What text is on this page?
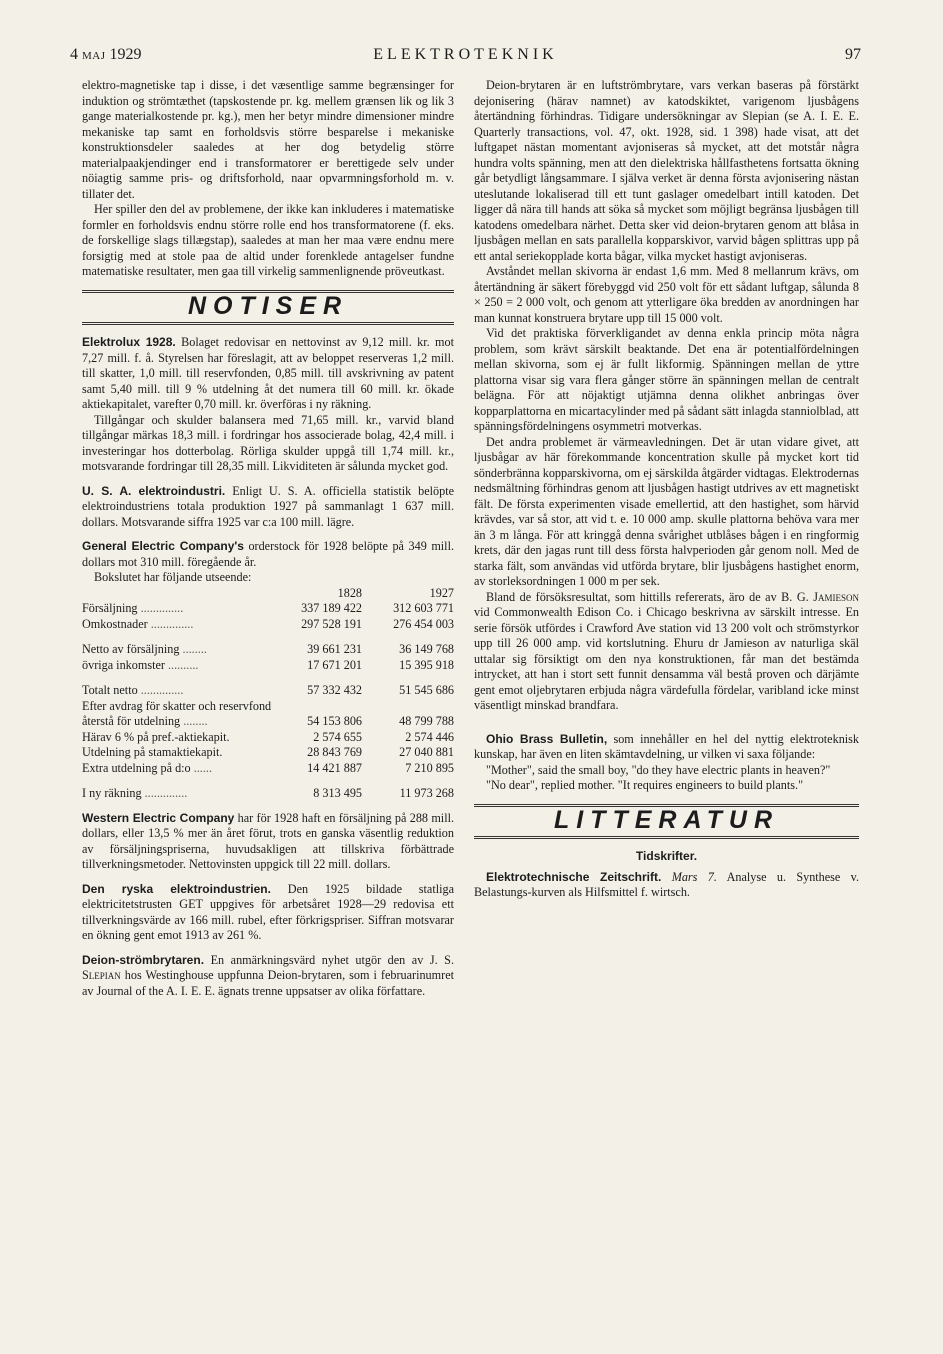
4 MAJ 1929	ELEKTROTEKNIK	97

elektro-magnetiske tap i disse, i det væsentlige samme begrænsinger for induktion og strömtæthet (tapskostende pr. kg. mellem grænsen lik og lik 3 gange materialkostende pr. kg.), men her betyr mindre dimensioner mindre mekaniske tap samt en forholdsvis större besparelse i mekaniske konstruktionsdeler saaledes at her dog betydelig större materialpaakjendinger end i transformatorer er berettigede selv under nöiagtig samme pris- og driftsforhold, naar opvarmningsforhold m. v. tillater det.

Her spiller den del av problemene, der ikke kan inkluderes i matematiske formler en forholdsvis endnu större rolle end hos transformatorene (f. eks. de forskellige slags tillægstap), saaledes at man her maa være endnu mere forsigtig med at stole paa de altid under forenklede antagelser fundne matematiske resultater, men gaa till virkelig sammenlignende pröveutkast.

NOTISER

Elektrolux 1928. Bolaget redovisar en nettovinst av 9,12 mill. kr. mot 7,27 mill. f. å. Styrelsen har föreslagit, att av beloppet reserveras 1,2 mill. till skatter, 1,0 mill. till reservfonden, 0,85 mill. till avskrivning av patent samt 5,40 mill. till 9 % utdelning åt det numera till 60 mill. kr. ökade aktiekapitalet, varefter 0,70 mill. kr. överföras i ny räkning.

Tillgångar och skulder balansera med 71,65 mill. kr., varvid bland tillgångar märkas 18,3 mill. i fordringar hos associerade bolag, 42,4 mill. i investeringar hos dotterbolag. Rörliga skulder uppgå till 1,74 mill. kr., motsvarande fordringar till 28,35 mill. Likviditeten är sålunda mycket god.

U. S. A. elektroindustri. Enligt U. S. A. officiella statistik belöpte elektroindustriens totala produktion 1927 på sammanlagt 1 637 mill. dollars. Motsvarande siffra 1925 var c:a 100 mill. lägre.

General Electric Company's orderstock för 1928 belöpte på 349 mill. dollars mot 310 mill. föregående år.

Bokslutet har följande utseende:

	1828	1927
Försäljning ..............	337 189 422	312 603 771
Omkostnader ..............	297 528 191	276 454 003

Netto av försäljning ........	39 661 231	36 149 768
övriga inkomster ..........	17 671 201	15 395 918

Totalt netto ..............	57 332 432	51 545 686
Efter avdrag för skatter och reservfond återstå för utdelning ........	54 153 806	48 799 788
Härav 6 % på pref.-aktiekapit.	2 574 655	2 574 446
Utdelning på stamaktiekapit.	28 843 769	27 040 881
Extra utdelning på d:o ......	14 421 887	7 210 895

I ny räkning ..............	8 313 495	11 973 268

Western Electric Company har för 1928 haft en försäljning på 288 mill. dollars, eller 13,5 % mer än året förut, trots en ganska väsentlig reduktion av försäljningspriserna, huvudsakligen att tillskriva förbättrade tillverkningsmetoder. Nettovinsten uppgick till 22 mill. dollars.

Den ryska elektroindustrien. Den 1925 bildade statliga elektricitetstrusten GET uppgives för arbetsåret 1928—29 redovisa ett tillverkningsvärde av 166 mill. rubel, efter förkrigspriser. Siffran motsvarar en ökning gent emot 1913 av 261 %.

Deion-strömbrytaren. En anmärkningsvärd nyhet utgör den av J. S. Slepian hos Westinghouse uppfunna Deion-brytaren, som i februarinumret av Journal of the A. I. E. E. ägnats trenne uppsatser av olika författare.

Deion-brytaren är en luftströmbrytare, vars verkan baseras på förstärkt dejonisering (härav namnet) av katodskiktet, varigenom ljusbågens återtändning förhindras. Tidigare undersökningar av Slepian (se A. I. E. E. Quarterly transactions, vol. 47, okt. 1928, sid. 1 398) hade visat, att det luftgapet nästan momentant avjoniseras så mycket, att det motstår några hundra volts spänning, men att den dielektriska hållfasthetens fortsatta ökning går betydligt långsammare. I själva verket är denna första avjonisering nästan uteslutande lokaliserad till ett tunt gaslager omedelbart intill katoden. Det ligger då nära till hands att söka så mycket som möjligt begränsa ljusbågen till katodens omedelbara närhet. Detta sker vid deion-brytaren genom att blåsa in ljusbågen mellan en sats parallella kopparskivor, varvid bågen splittras upp på ett antal seriekopplade korta bågar, vilka mycket hastigt avjoniseras.

Avståndet mellan skivorna är endast 1,6 mm. Med 8 mellanrum krävs, om återtändning är säkert förebyggd vid 250 volt för ett sådant luftgap, sålunda 8 × 250 = 2 000 volt, och genom att ytterligare öka bredden av anordningen har man kunnat konstruera brytare upp till 15 000 volt.

Vid det praktiska förverkligandet av denna enkla princip möta några problem, som krävt särskilt beaktande. Det ena är potentialfördelningen mellan skivorna, som ej är fullt likformig. Spänningen mellan de yttre plattorna visar sig vara flera gånger större än spänningen mellan de centralt belägna. För att nöjaktigt utjämna denna olikhet anbringas över kopparplattorna en micartacylinder med på sådant sätt inlagda stanniolblad, att spänningsfördelningens osymmetri motverkas.

Det andra problemet är värmeavledningen. Det är utan vidare givet, att ljusbågar av här förekommande koncentration skulle på mycket kort tid sönderbränna kopparskivorna, om ej särskilda åtgärder vidtagas. Elektrodernas nedsmältning förhindras genom att ljusbågen hastigt utdrives av ett magnetiskt fält. De första experimenten visade emellertid, att den hastighet, som härvid krävdes, var så stor, att vid t. e. 10 000 amp. skulle plattorna behöva vara mer än 3 m långa. För att kringgå denna svårighet utblåses bågen i en ringformig krets, där den jagas runt till dess första halvperioden går genom noll. Med de starka fält, som användas vid utförda brytare, blir ljusbågens hastighet enorm, av storleksordningen 1 000 m per sek.

Bland de försöksresultat, som hittills refererats, äro de av B. G. Jamieson vid Commonwealth Edison Co. i Chicago beskrivna av särskilt intresse. En serie försök utfördes i Crawford Ave station vid 13 200 volt och strömstyrkor upp till 26 000 amp. vid kortslutning. Ehuru dr Jamieson av naturliga skäl uttalar sig försiktigt om den nya konstruktionen, får man det bestämda intrycket, att han i stort sett funnit densamma väl bestå proven och därjämte gent emot oljebrytaren erbjuda några värdefulla fördelar, varibland icke minst väsentligt minskad brandfara.

Ohio Brass Bulletin, som innehåller en hel del nyttig elektroteknisk kunskap, har även en liten skämtavdelning, ur vilken vi saxa följande:

"Mother", said the small boy, "do they have electric plants in heaven?"

"No dear", replied mother. "It requires engineers to build plants."

LITTERATUR

Tidskrifter.

Elektrotechnische Zeitschrift. Mars 7. Analyse u. Synthese v. Belastungs-kurven als Hilfsmittel f. wirtsch.
